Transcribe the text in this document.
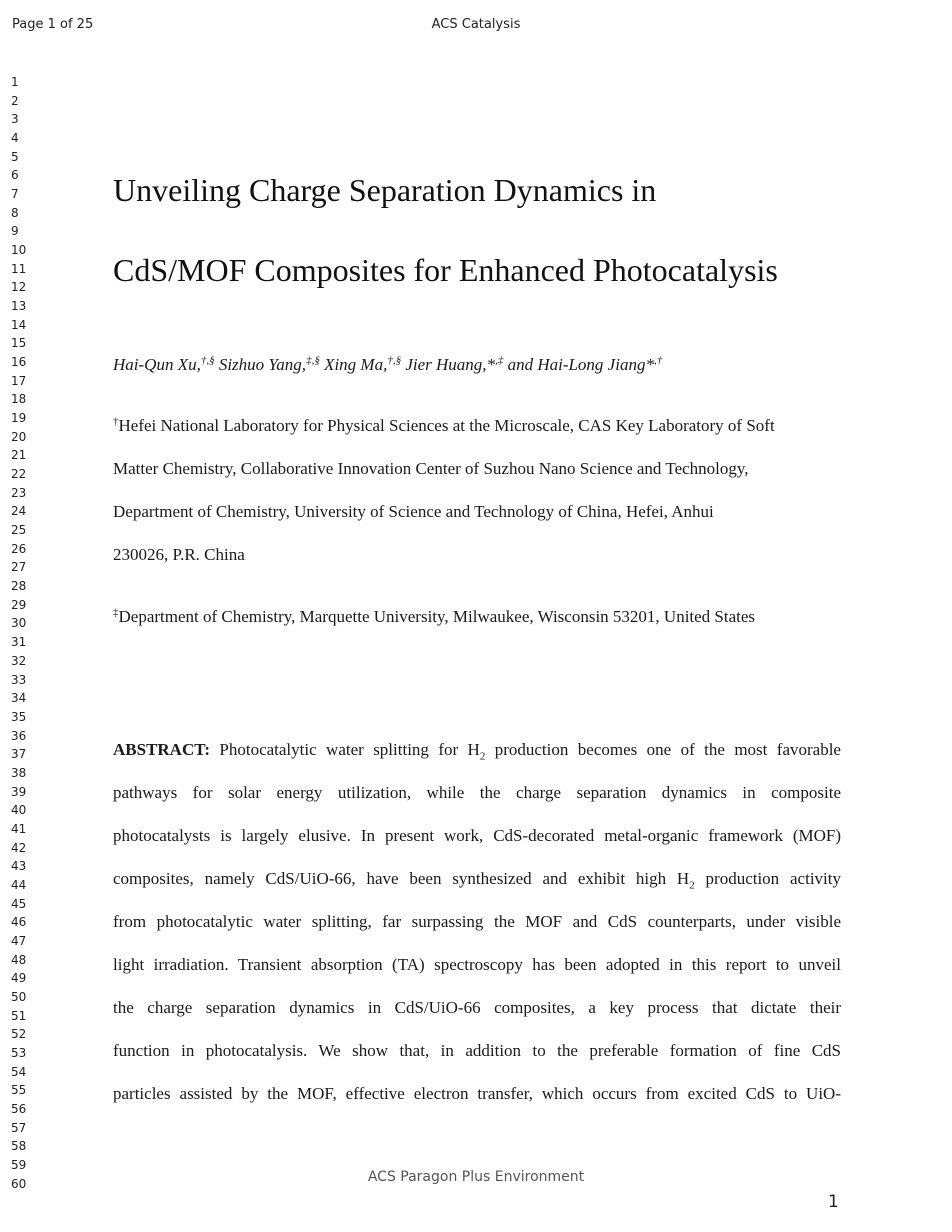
Page 1 of 25	ACS Catalysis
1
2
3
4
5
6
7
8
9
10
11
12
13
14
15
16
17
18
19
20
21
22
23
24
25
26
27
28
29
30
31
32
33
34
35
36
37
38
39
40
41
42
43
44
45
46
47
48
49
50
51
52
53
54
55
56
57
58
59
60
Unveiling Charge Separation Dynamics in
CdS/MOF Composites for Enhanced Photocatalysis
Hai-Qun Xu,†,§ Sizhuo Yang,‡,§ Xing Ma,†,§ Jier Huang,*,‡ and Hai-Long Jiang*,†
†Hefei National Laboratory for Physical Sciences at the Microscale, CAS Key Laboratory of Soft
Matter Chemistry, Collaborative Innovation Center of Suzhou Nano Science and Technology,
Department of Chemistry, University of Science and Technology of China, Hefei, Anhui
230026, P.R. China
‡Department of Chemistry, Marquette University, Milwaukee, Wisconsin 53201, United States
ABSTRACT: Photocatalytic water splitting for $H_2$ production becomes one of the most favorable
pathways for solar energy utilization, while the charge separation dynamics in composite
photocatalysts is largely elusive. In present work, CdS-decorated metal-organic framework (MOF)
composites, namely CdS/UiO-66, have been synthesized and exhibit high $H_2$ production activity
from photocatalytic water splitting, far surpassing the MOF and CdS counterparts, under visible
light irradiation. Transient absorption (TA) spectroscopy has been adopted in this report to unveil
the charge separation dynamics in CdS/UiO-66 composites, a key process that dictate their
function in photocatalysis. We show that, in addition to the preferable formation of fine CdS
particles assisted by the MOF, effective electron transfer, which occurs from excited CdS to UiO-
ACS Paragon Plus Environment
1
